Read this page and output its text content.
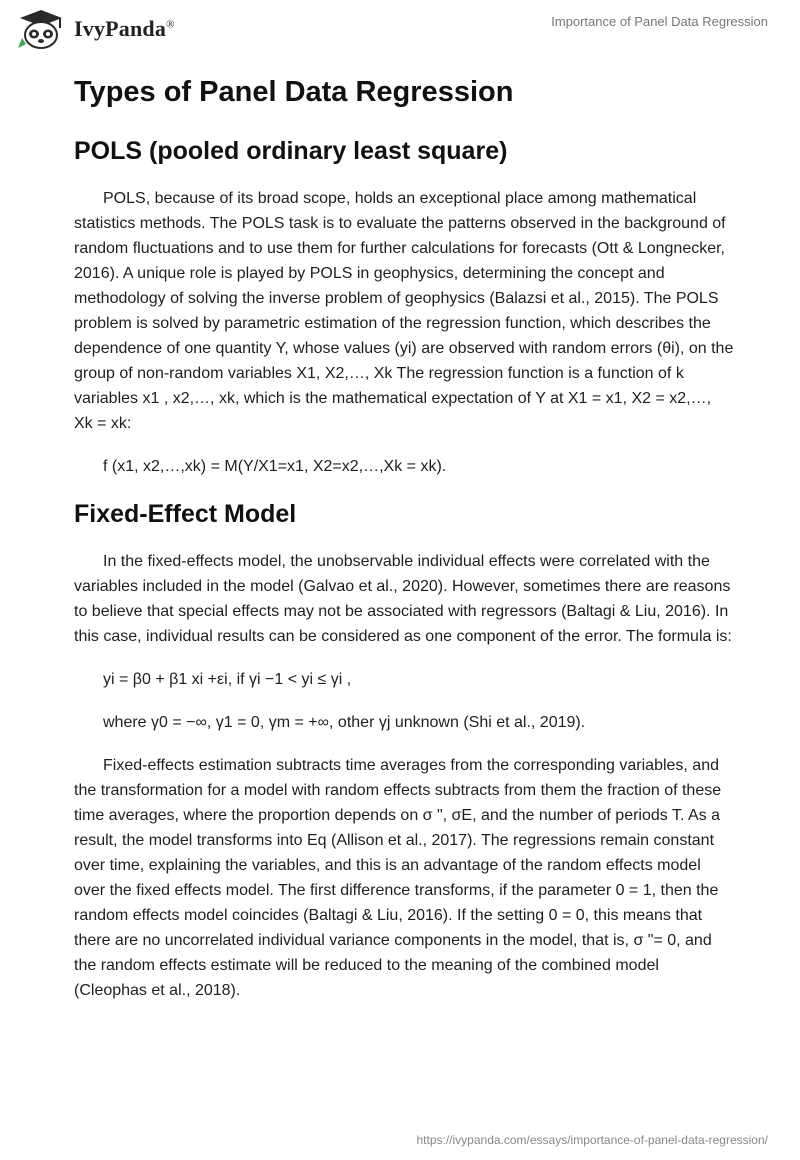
IvyPanda®	Importance of Panel Data Regression
Types of Panel Data Regression
POLS (pooled ordinary least square)

POLS, because of its broad scope, holds an exceptional place among mathematical statistics methods. The POLS task is to evaluate the patterns observed in the background of random fluctuations and to use them for further calculations for forecasts (Ott & Longnecker, 2016). A unique role is played by POLS in geophysics, determining the concept and methodology of solving the inverse problem of geophysics (Balazsi et al., 2015). The POLS problem is solved by parametric estimation of the regression function, which describes the dependence of one quantity Y, whose values (yi) are observed with random errors (θi), on the group of non-random variables X1, X2,…, Xk The regression function is a function of k variables x1 , x2,…, xk, which is the mathematical expectation of Y at X1 = x1, X2 = x2,…, Xk = xk:

f (x1, x2,…,xk) = M(Y/X1=x1, X2=x2,…,Xk = xk).

Fixed-Effect Model

In the fixed-effects model, the unobservable individual effects were correlated with the variables included in the model (Galvao et al., 2020). However, sometimes there are reasons to believe that special effects may not be associated with regressors (Baltagi & Liu, 2016). In this case, individual results can be considered as one component of the error. The formula is:

yi = β0 + β1 xi +εi, if γi −1 < yi ≤ γi ,

where γ0 = −∞, γ1 = 0, γm = +∞, other γj unknown (Shi et al., 2019).

Fixed-effects estimation subtracts time averages from the corresponding variables, and the transformation for a model with random effects subtracts from them the fraction of these time averages, where the proportion depends on σ ", σE, and the number of periods T. As a result, the model transforms into Eq (Allison et al., 2017). The regressions remain constant over time, explaining the variables, and this is an advantage of the random effects model over the fixed effects model. The first difference transforms, if the parameter 0 = 1, then the random effects model coincides (Baltagi & Liu, 2016). If the setting 0 = 0, this means that there are no uncorrelated individual variance components in the model, that is, σ "= 0, and the random effects estimate will be reduced to the meaning of the combined model (Cleophas et al., 2018).

https://ivypanda.com/essays/importance-of-panel-data-regression/
